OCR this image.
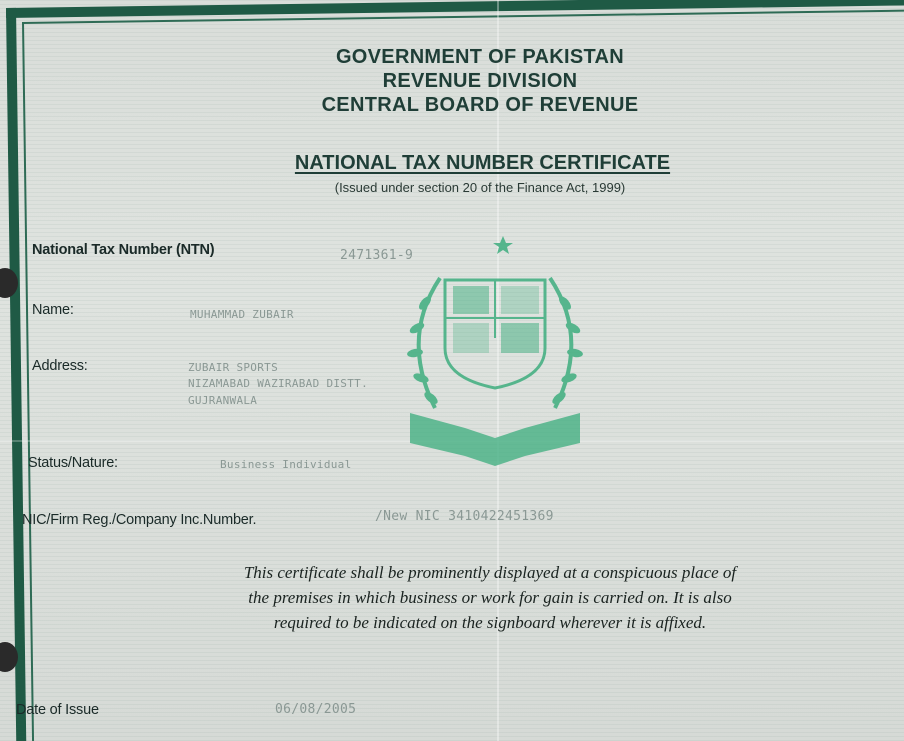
GOVERNMENT OF PAKISTAN
REVENUE DIVISION
CENTRAL BOARD OF REVENUE
NATIONAL TAX NUMBER CERTIFICATE
(Issued under section 20 of the Finance Act, 1999)
National Tax Number (NTN)	2471361-9
Name:	MUHAMMAD ZUBAIR
Address:	ZUBAIR SPORTS
NIZAMABAD WAZIRABAD DISTT.
GUJRANWALA
Status/Nature:	Business Individual
NIC/Firm Reg./Company Inc.Number.	/New NIC 3410422451369
This certificate shall be prominently displayed at a conspicuous place of
the premises in which business or work for gain is carried on. It is also
required to be indicated on the signboard wherever it is affixed.
Date of Issue	06/08/2005
